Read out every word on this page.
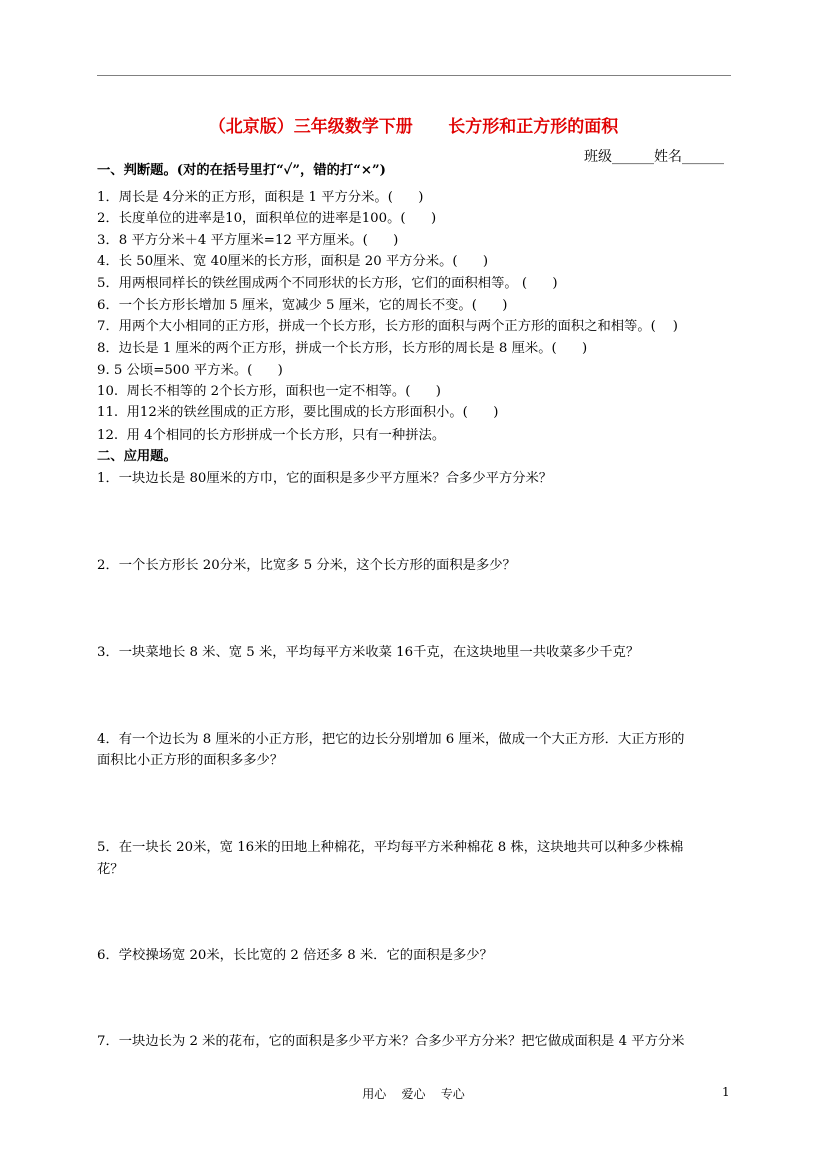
（北京版）三年级数学下册      长方形和正方形的面积
班级______姓名______
一、判断题。(对的在括号里打“✓”，错的打“×”)
1．周长是 4分米的正方形，面积是 1 平方分米。(      )
2．长度单位的进率是10，面积单位的进率是100。(      )
3．8 平方分米＋4 平方厘米=12 平方厘米。(      )
4．长 50厘米、宽 40厘米的长方形，面积是 20 平方分米。(      )
5．用两根同样长的铁丝围成两个不同形状的长方形，它们的面积相等。 (      )
6．一个长方形长增加 5 厘米，宽减少 5 厘米，它的周长不变。(      )
7．用两个大小相同的正方形，拼成一个长方形，长方形的面积与两个正方形的面积之和相等。(    )
8．边长是 1 厘米的两个正方形，拼成一个长方形，长方形的周长是 8 厘米。(      )
9. 5 公顷=500 平方米。(      )
10.  周长不相等的 2个长方形，面积也一定不相等。(      )
11.  用12米的铁丝围成的正方形，要比围成的长方形面积小。(      )
12.  用 4个相同的长方形拼成一个长方形，只有一种拼法。
二、应用题。
1．一块边长是 80厘米的方巾，它的面积是多少平方厘米？合多少平方分米？
2．一个长方形长 20分米，比宽多 5 分米，这个长方形的面积是多少？
3．一块菜地长 8 米、宽 5 米，平均每平方米收菜 16千克，在这块地里一共收菜多少千克？
4．有一个边长为 8 厘米的小正方形，把它的边长分别增加 6 厘米，做成一个大正方形．大正方形的
面积比小正方形的面积多多少？
5．在一块长 20米，宽 16米的田地上种棉花，平均每平方米种棉花 8 株，这块地共可以种多少株棉
花？
6．学校操场宽 20米，长比宽的 2 倍还多 8 米．它的面积是多少？
7．一块边长为 2 米的花布，它的面积是多少平方米？合多少平方分米？把它做成面积是 4 平方分米
用心    爱心    专心	1
